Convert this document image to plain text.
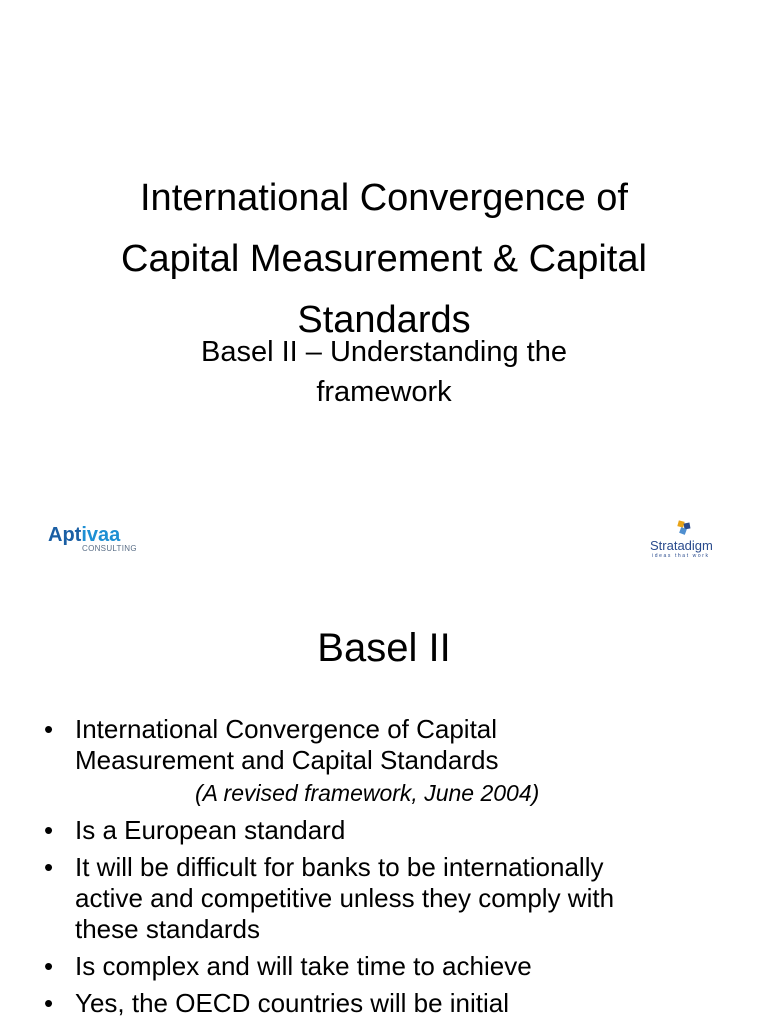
International Convergence of
Capital Measurement & Capital
Standards
Basel II – Understanding the
framework
Aptivaa
CONSULTING	Stratadigm
ideas that work
Basel II
• International Convergence of Capital
Measurement and Capital Standards
(A revised framework, June 2004)
• Is a European standard
• It will be difficult for banks to be internationally
active and competitive unless they comply with
these standards
• Is complex and will take time to achieve
• Yes, the OECD countries will be initial
